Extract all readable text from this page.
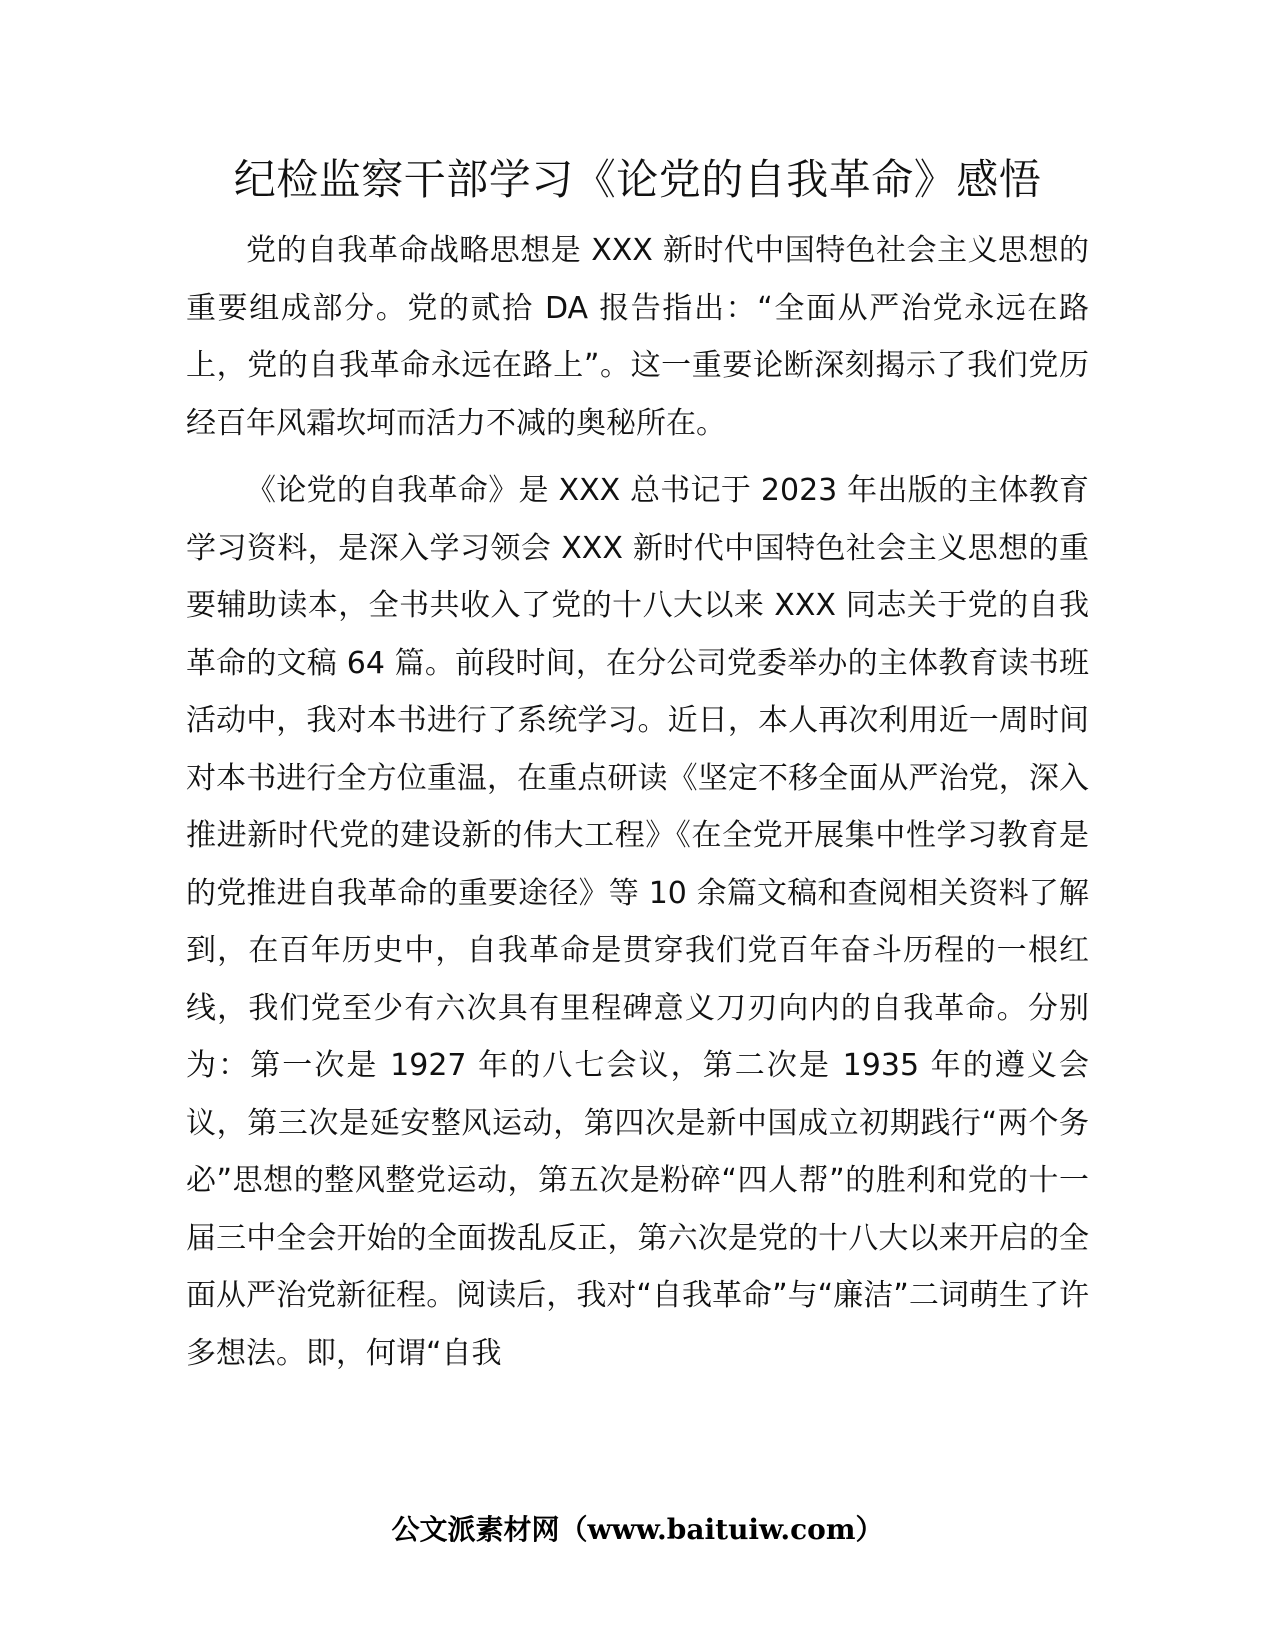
纪检监察干部学习《论党的自我革命》感悟

党的自我革命战略思想是 XXX 新时代中国特色社会主义思想的重要组成部分。党的贰拾 DA 报告指出：“全面从严治党永远在路上，党的自我革命永远在路上”。这一重要论断深刻揭示了我们党历经百年风霜坎坷而活力不减的奥秘所在。

《论党的自我革命》是 XXX 总书记于 2023 年出版的主体教育学习资料，是深入学习领会 XXX 新时代中国特色社会主义思想的重要辅助读本，全书共收入了党的十八大以来 XXX 同志关于党的自我革命的文稿 64 篇。前段时间，在分公司党委举办的主体教育读书班活动中，我对本书进行了系统学习。近日，本人再次利用近一周时间对本书进行全方位重温，在重点研读《坚定不移全面从严治党，深入推进新时代党的建设新的伟大工程》《在全党开展集中性学习教育是的党推进自我革命的重要途径》等 10 余篇文稿和查阅相关资料了解到，在百年历史中，自我革命是贯穿我们党百年奋斗历程的一根红线，我们党至少有六次具有里程碑意义刀刃向内的自我革命。分别为：第一次是 1927 年的八七会议，第二次是 1935 年的遵义会议，第三次是延安整风运动，第四次是新中国成立初期践行“两个务必”思想的整风整党运动，第五次是粉碎“四人帮”的胜利和党的十一届三中全会开始的全面拨乱反正，第六次是党的十八大以来开启的全面从严治党新征程。阅读后，我对“自我革命”与“廉洁”二词萌生了许多想法。即，何谓“自我

公文派素材网（www.baituiw.com）
